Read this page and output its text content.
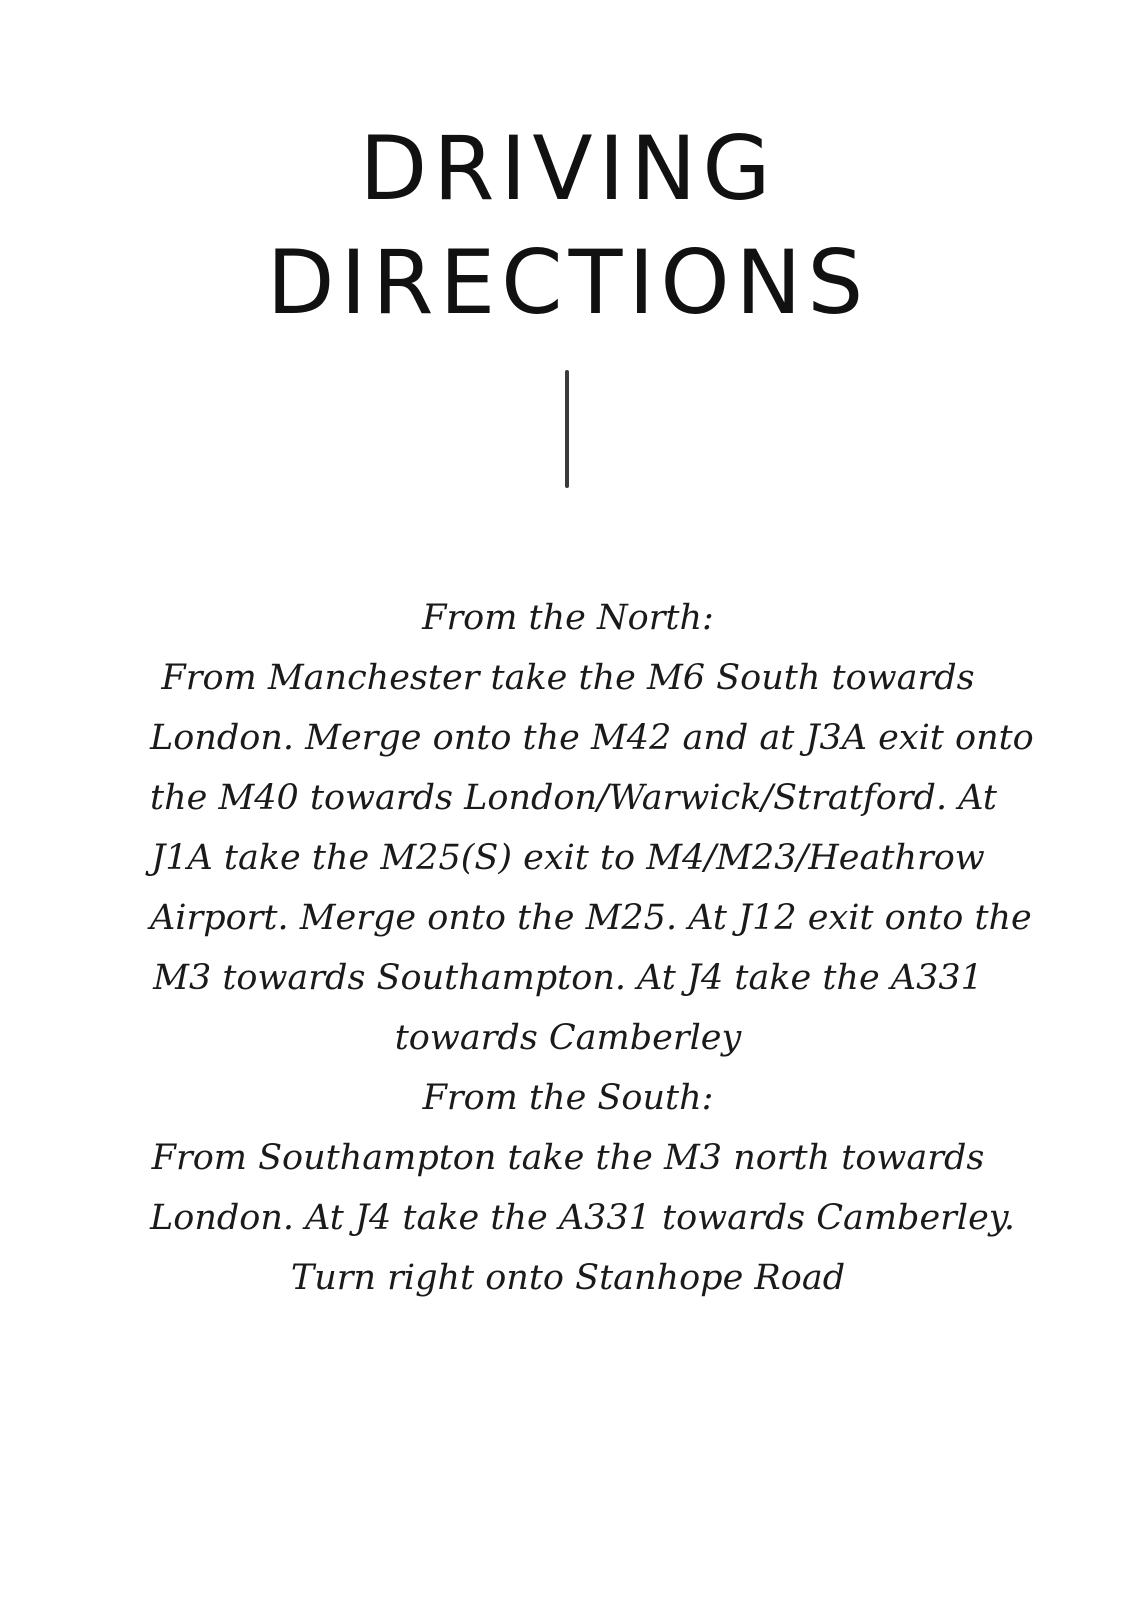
DRIVING
DIRECTIONS
From the North:
From Manchester take the M6 South towards
London. Merge onto the M42 and at J3A exit onto
the M40 towards London/Warwick/Stratford. At
J1A take the M25(S) exit to M4/M23/Heathrow
Airport. Merge onto the M25. At J12 exit onto the
M3 towards Southampton. At J4 take the A331
towards Camberley
From the South:
From Southampton take the M3 north towards
London. At J4 take the A331 towards Camberley.
Turn right onto Stanhope Road
